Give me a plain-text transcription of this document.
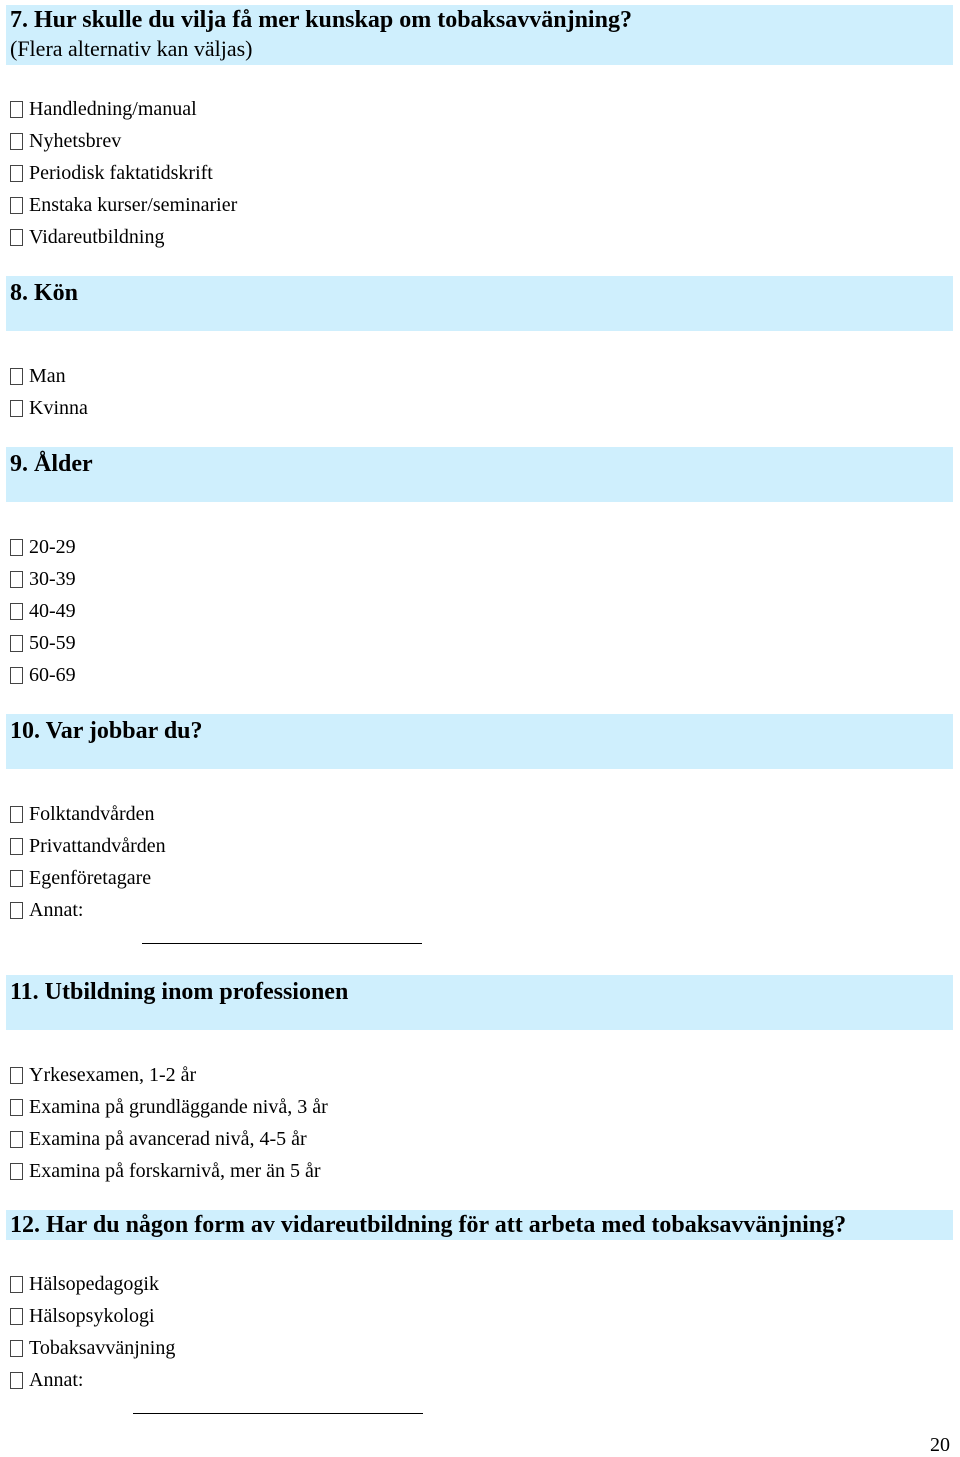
7. Hur skulle du vilja få mer kunskap om tobaksavvänjning?
(Flera alternativ kan väljas)
Handledning/manual
Nyhetsbrev
Periodisk faktatidskrift
Enstaka kurser/seminarier
Vidareutbildning
8. Kön
Man
Kvinna
9. Ålder
20-29
30-39
40-49
50-59
60-69
10. Var jobbar du?
Folktandvården
Privattandvården
Egenföretagare
Annat:
11. Utbildning inom professionen
Yrkesexamen, 1-2 år
Examina på grundläggande nivå, 3 år
Examina på avancerad nivå, 4-5 år
Examina på forskarnivå, mer än 5 år
12. Har du någon form av vidareutbildning för att arbeta med tobaksavvänjning?
Hälsopedagogik
Hälsopsykologi
Tobaksavvänjning
Annat:
20
